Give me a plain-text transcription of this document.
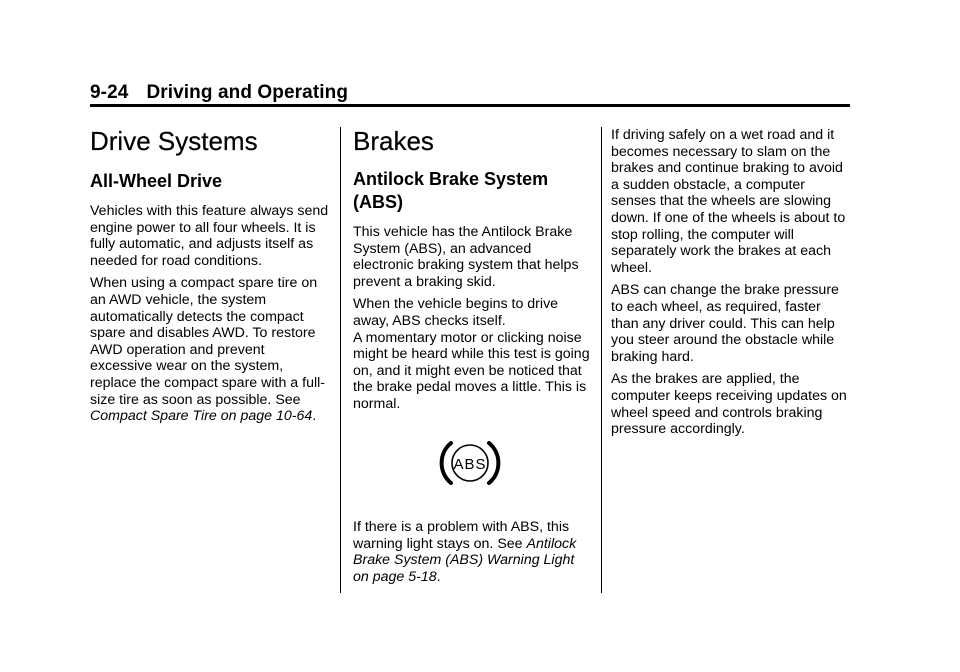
9-24 Driving and Operating
Drive Systems
All-Wheel Drive

Vehicles with this feature always send engine power to all four wheels. It is fully automatic, and adjusts itself as needed for road conditions.

When using a compact spare tire on an AWD vehicle, the system automatically detects the compact spare and disables AWD. To restore AWD operation and prevent excessive wear on the system, replace the compact spare with a full-size tire as soon as possible. See Compact Spare Tire on page 10-64.

Brakes
Antilock Brake System (ABS)

This vehicle has the Antilock Brake System (ABS), an advanced electronic braking system that helps prevent a braking skid.

When the vehicle begins to drive away, ABS checks itself.
A momentary motor or clicking noise might be heard while this test is going on, and it might even be noticed that the brake pedal moves a little. This is normal.

If there is a problem with ABS, this warning light stays on. See Antilock Brake System (ABS) Warning Light on page 5-18.

ABS

If driving safely on a wet road and it becomes necessary to slam on the brakes and continue braking to avoid a sudden obstacle, a computer senses that the wheels are slowing down. If one of the wheels is about to stop rolling, the computer will separately work the brakes at each wheel.

ABS can change the brake pressure to each wheel, as required, faster than any driver could. This can help you steer around the obstacle while braking hard.

As the brakes are applied, the computer keeps receiving updates on wheel speed and controls braking pressure accordingly.
